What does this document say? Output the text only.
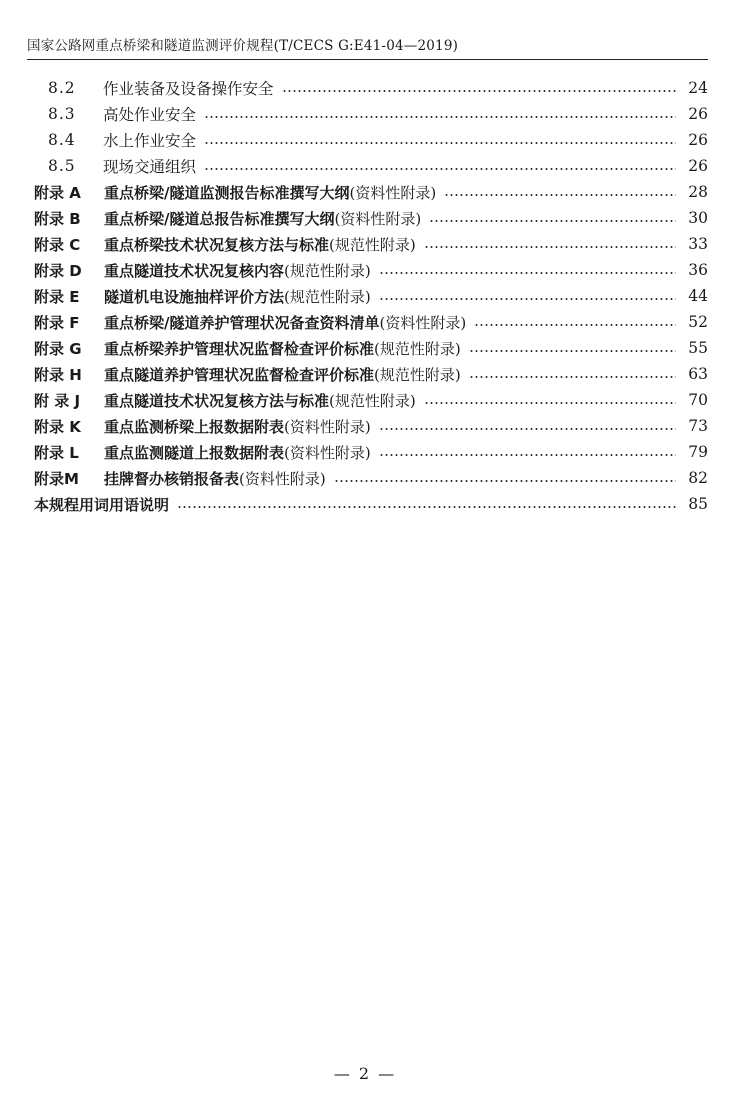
国家公路网重点桥梁和隧道监测评价规程(T/CECS G:E41-04—2019)
8.2	作业装备及设备操作安全	24
8.3	高处作业安全	26
8.4	水上作业安全	26
8.5	现场交通组织	26
附录 A	重点桥梁/隧道监测报告标准撰写大纲(资料性附录)	28
附录 B	重点桥梁/隧道总报告标准撰写大纲(资料性附录)	30
附录 C	重点桥梁技术状况复核方法与标准(规范性附录)	33
附录 D	重点隧道技术状况复核内容(规范性附录)	36
附录 E	隧道机电设施抽样评价方法(规范性附录)	44
附录 F	重点桥梁/隧道养护管理状况备查资料清单(资料性附录)	52
附录 G	重点桥梁养护管理状况监督检查评价标准(规范性附录)	55
附录 H	重点隧道养护管理状况监督检查评价标准(规范性附录)	63
附 录 J	重点隧道技术状况复核方法与标准(规范性附录)	70
附录 K	重点监测桥梁上报数据附表(资料性附录)	73
附录 L	重点监测隧道上报数据附表(资料性附录)	79
附录M	挂牌督办核销报备表(资料性附录)	82
本规程用词用语说明	85
— 2 —
